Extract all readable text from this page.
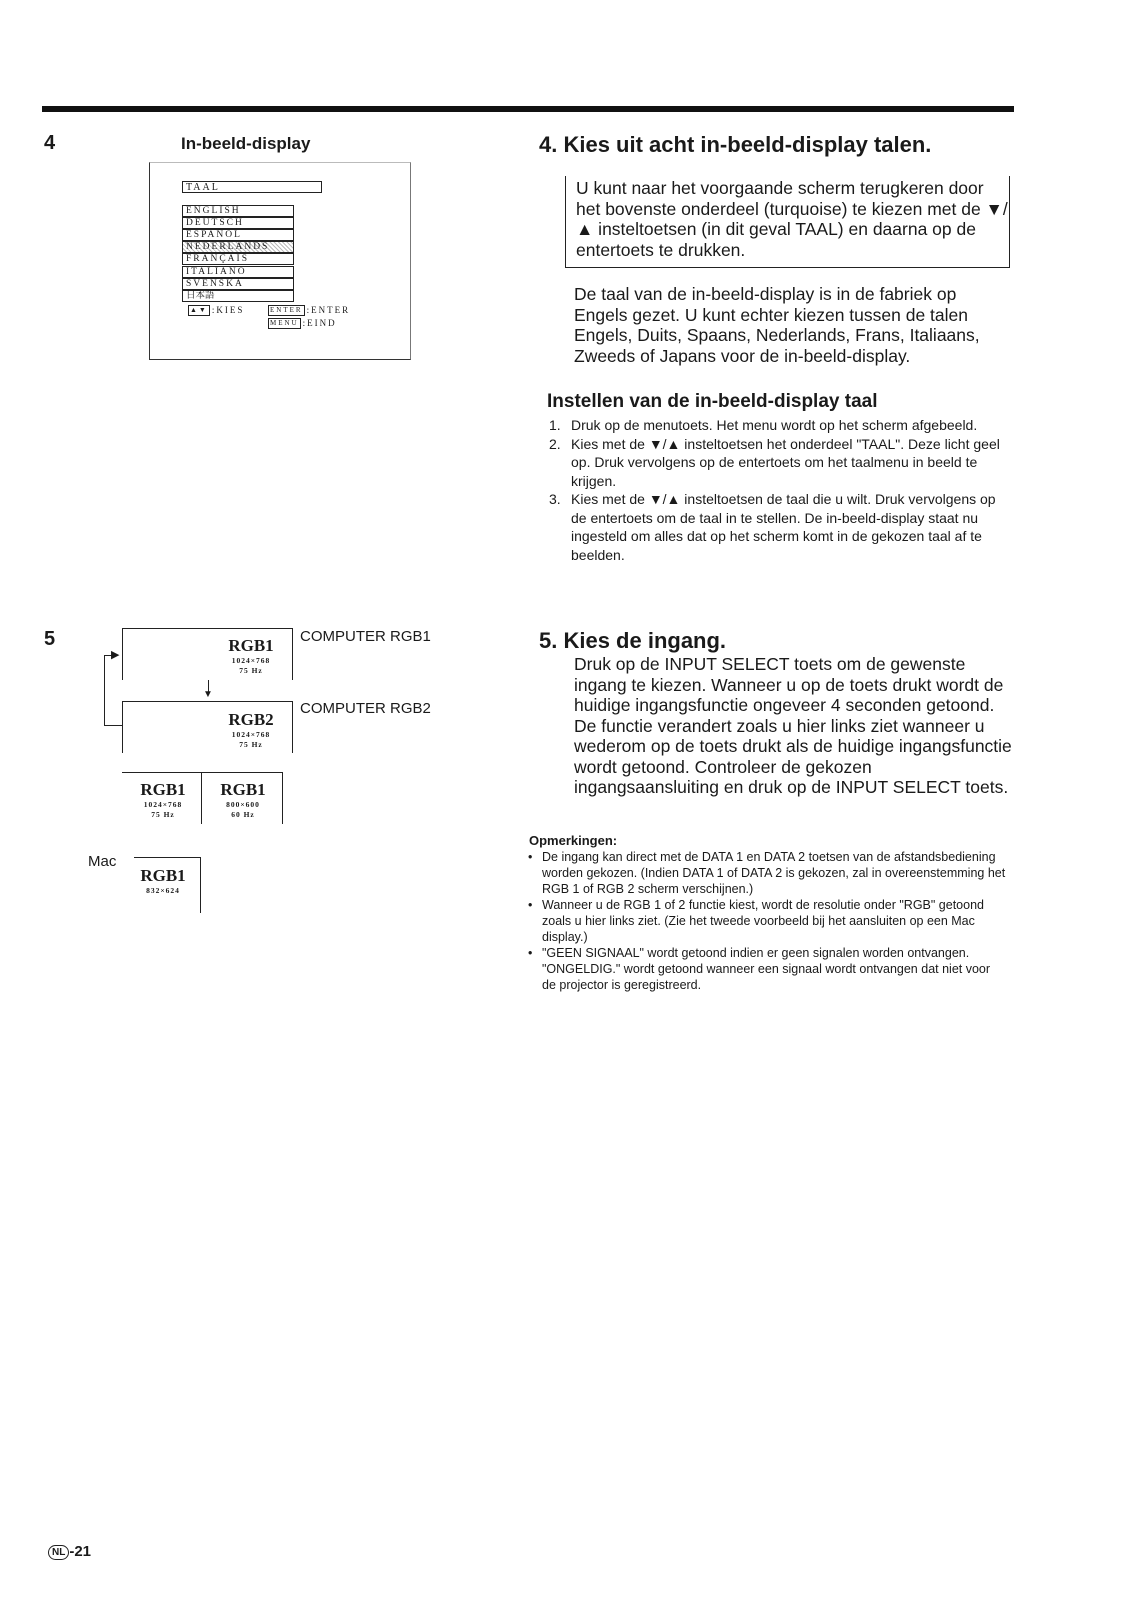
4	In-beeld-display
TAAL
ENGLISH
DEUTSCH
ESPAÑOL
NEDERLANDS
FRANÇAIS
ITALIANO
SVENSKA
日本語
▲▼ :KIES	ENTER :ENTER
MENU :EIND
4. Kies uit acht in-beeld-display talen.
U kunt naar het voorgaande scherm terugkeren door het bovenste onderdeel (turquoise) te kiezen met de ▼/▲ insteltoetsen (in dit geval TAAL) en daarna op de entertoets te drukken.
De taal van de in-beeld-display is in de fabriek op Engels gezet. U kunt echter kiezen tussen de talen Engels, Duits, Spaans, Nederlands, Frans, Italiaans, Zweeds of Japans voor de in-beeld-display.
Instellen van de in-beeld-display taal
1. Druk op de menutoets. Het menu wordt op het scherm afgebeeld.
2. Kies met de ▼/▲ insteltoetsen het onderdeel "TAAL". Deze licht geel op. Druk vervolgens op de entertoets om het taalmenu in beeld te krijgen.
3. Kies met de ▼/▲ insteltoetsen de taal die u wilt. Druk vervolgens op de entertoets om de taal in te stellen. De in-beeld-display staat nu ingesteld om alles dat op het scherm komt in de gekozen taal af te beelden.
5	RGB1
1024×768
75 Hz
COMPUTER RGB1
▼
RGB2
1024×768
75 Hz
COMPUTER RGB2
▶
RGB1
1024×768
75 Hz
RGB1
800×600
60 Hz
Mac
RGB1
832×624
5. Kies de ingang.
Druk op de INPUT SELECT toets om de gewenste ingang te kiezen. Wanneer u op de toets drukt wordt de huidige ingangsfunctie ongeveer 4 seconden getoond. De functie verandert zoals u hier links ziet wanneer u wederom op de toets drukt als de huidige ingangsfunctie wordt getoond. Controleer de gekozen ingangsaansluiting en druk op de INPUT SELECT toets.
Opmerkingen:
• De ingang kan direct met de DATA 1 en DATA 2 toetsen van de afstandsbediening worden gekozen. (Indien DATA 1 of DATA 2 is gekozen, zal in overeenstemming het RGB 1 of RGB 2 scherm verschijnen.)
• Wanneer u de RGB 1 of 2 functie kiest, wordt de resolutie onder "RGB" getoond zoals u hier links ziet. (Zie het tweede voorbeeld bij het aansluiten op een Mac display.)
• "GEEN SIGNAAL" wordt getoond indien er geen signalen worden ontvangen. "ONGELDIG." wordt getoond wanneer een signaal wordt ontvangen dat niet voor de projector is geregistreerd.
NL -21
